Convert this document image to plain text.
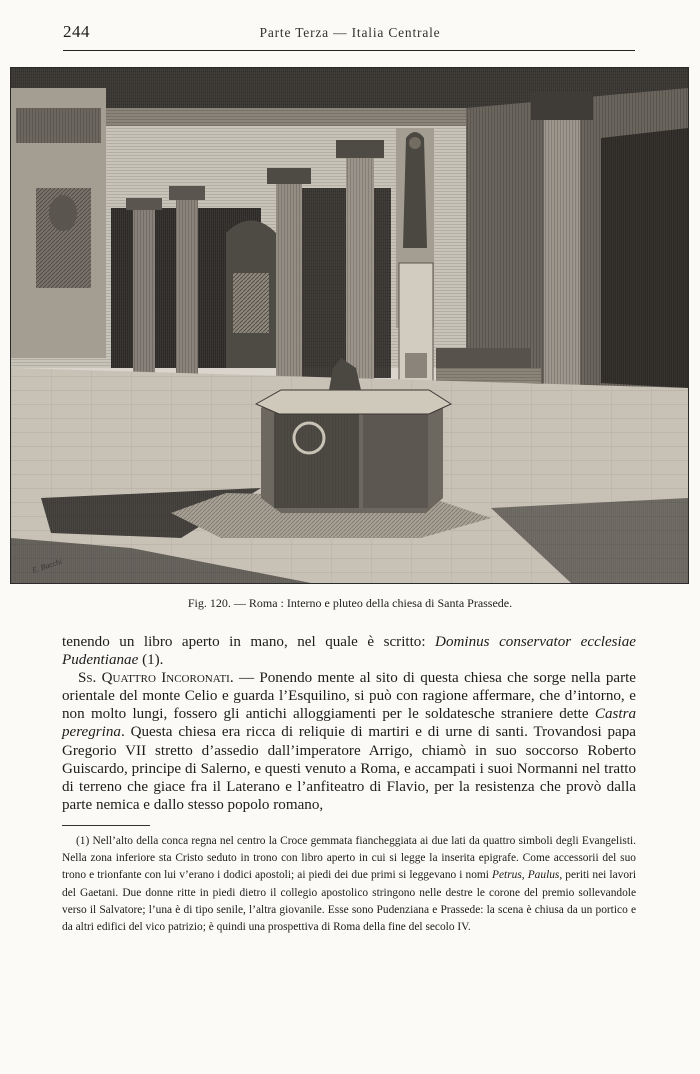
244	Parte Terza — Italia Centrale
E. Bacchi
Fig. 120. — Roma : Interno e pluteo della chiesa di Santa Prassede.

tenendo un libro aperto in mano, nel quale è scritto: Dominus conservator ecclesiae Pudentianae (1).

Ss. Quattro Incoronati. — Ponendo mente al sito di questa chiesa che sorge nella parte orientale del monte Celio e guarda l’Esquilino, si può con ragione affermare, che d’intorno, e non molto lungi, fossero gli antichi alloggiamenti per le soldatesche straniere dette Castra peregrina. Questa chiesa era ricca di reliquie di martiri e di urne di santi. Trovandosi papa Gregorio VII stretto d’assedio dall’imperatore Arrigo, chiamò in suo soccorso Roberto Guiscardo, principe di Salerno, e questi venuto a Roma, e accampati i suoi Normanni nel tratto di terreno che giace fra il Laterano e l’anfiteatro di Flavio, per la resistenza che provò dalla parte nemica e dallo stesso popolo romano,

(1) Nell’alto della conca regna nel centro la Croce gemmata fiancheggiata ai due lati da quattro simboli degli Evangelisti. Nella zona inferiore sta Cristo seduto in trono con libro aperto in cui si legge la inserita epigrafe. Come accessorii del suo trono e trionfante con lui v’erano i dodici apostoli; ai piedi dei due primi si leggevano i nomi Petrus, Paulus, periti nei lavori del Gaetani. Due donne ritte in piedi dietro il collegio apostolico stringono nelle destre le corone del premio sollevandole verso il Salvatore; l’una è di tipo senile, l’altra giovanile. Esse sono Pudenziana e Prassede: la scena è chiusa da un portico e da altri edifici del vico patrizio; è quindi una prospettiva di Roma della fine del secolo IV.
